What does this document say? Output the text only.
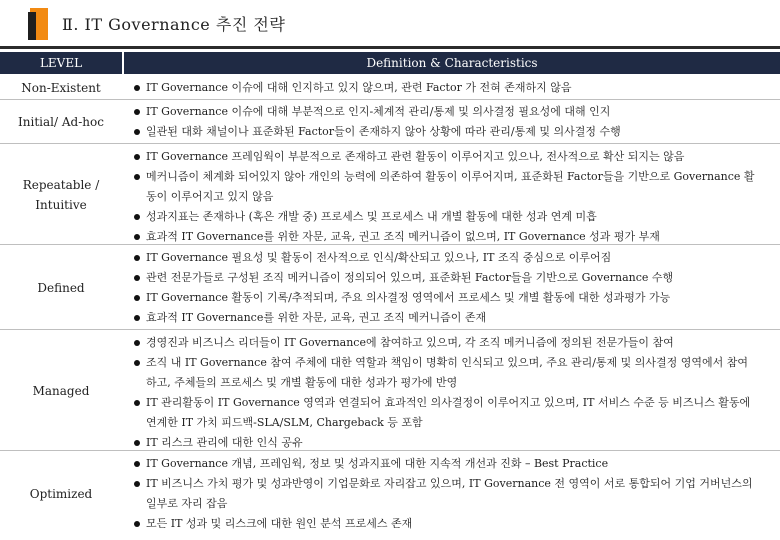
Ⅱ. IT Governance 추진 전략
LEVEL	Definition & Characteristics
Non-Existent	IT Governance 이슈에 대해 인지하고 있지 않으며, 관련 Factor 가 전혀 존재하지 않음
Initial/ Ad-hoc
IT Governance 이슈에 대해 부분적으로 인지-체계적 관리/통제 및 의사결정 필요성에 대해 인지
일관된 대화 채널이나 표준화된 Factor들이 존재하지 않아 상황에 따라 관리/통제 및 의사결정 수행
Repeatable / Intuitive
IT Governance 프레임웍이 부분적으로 존재하고 관련 활동이 이루어지고 있으나, 전사적으로 확산 되지는 않음
메커니즘이 체계화 되어있지 않아 개인의 능력에 의존하여 활동이 이루어지며, 표준화된 Factor들을 기반으로 Governance 활동이 이루어지고 있지 않음
성과지표는 존재하나 (혹은 개발 중) 프로세스 및 프로세스 내 개별 활동에 대한 성과 연계 미흡
효과적 IT Governance를 위한 자문, 교육, 권고 조직 메커니즘이 없으며, IT Governance 성과 평가 부재
Defined
IT Governance 필요성 및 활동이 전사적으로 인식/확산되고 있으나, IT 조직 중심으로 이루어짐
관련 전문가들로 구성된 조직 메커니즘이 정의되어 있으며, 표준화된 Factor들을 기반으로 Governance 수행
IT Governance 활동이 기록/추적되며, 주요 의사결정 영역에서 프로세스 및 개별 활동에 대한 성과평가 가능
효과적 IT Governance를 위한 자문, 교육, 권고 조직 메커니즘이 존재
Managed
경영진과 비즈니스 리더들이 IT Governance에 참여하고 있으며, 각 조직 메커니즘에 정의된 전문가들이 참여
조직 내 IT Governance 참여 주체에 대한 역할과 책임이 명확히 인식되고 있으며, 주요 관리/통제 및 의사결정 영역에서 참여하고, 주체들의 프로세스 및 개별 활동에 대한 성과가 평가에 반영
IT 관리활동이 IT Governance 영역과 연결되어 효과적인 의사결정이 이루어지고 있으며, IT 서비스 수준 등 비즈니스 활동에 연계한 IT 가치 피드백-SLA/SLM, Chargeback 등 포함
IT 리스크 관리에 대한 인식 공유
Optimized
IT Governance 개념, 프레임웍, 정보 및 성과지표에 대한 지속적 개선과 진화 – Best Practice
IT 비즈니스 가치 평가 및 성과반영이 기업문화로 자리잡고 있으며, IT Governance 전 영역이 서로 통합되어 기업 거버넌스의 일부로 자리 잡음
모든 IT 성과 및 리스크에 대한 원인 분석 프로세스 존재
